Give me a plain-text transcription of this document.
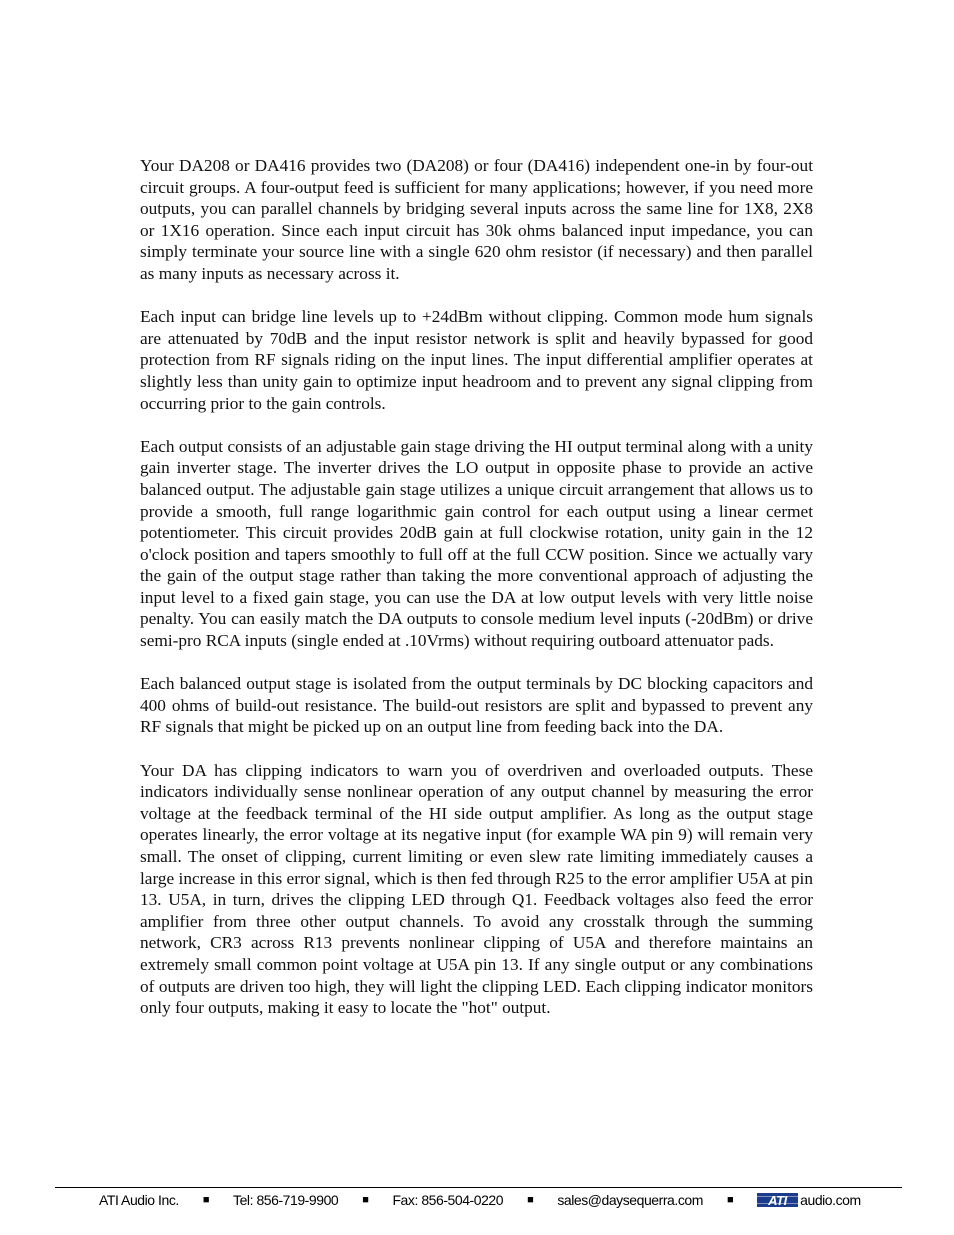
Your DA208 or DA416 provides two (DA208) or four (DA416) independent one-in by four-out circuit groups. A four-output feed is sufficient for many applications; however, if you need more outputs, you can parallel channels by bridging several inputs across the same line for 1X8, 2X8 or 1X16 operation. Since each input circuit has 30k ohms balanced input impedance, you can simply terminate your source line with a single 620 ohm resistor (if necessary) and then parallel as many inputs as necessary across it.

Each input can bridge line levels up to +24dBm without clipping. Common mode hum signals are attenuated by 70dB and the input resistor network is split and heavily bypassed for good protection from RF signals riding on the input lines. The input differential amplifier operates at slightly less than unity gain to optimize input headroom and to prevent any signal clipping from occurring prior to the gain controls.

Each output consists of an adjustable gain stage driving the HI output terminal along with a unity gain inverter stage. The inverter drives the LO output in opposite phase to provide an active balanced output. The adjustable gain stage utilizes a unique circuit arrangement that allows us to provide a smooth, full range logarithmic gain control for each output using a linear cermet potentiometer. This circuit provides 20dB gain at full clockwise rotation, unity gain in the 12 o'clock position and tapers smoothly to full off at the full CCW position. Since we actually vary the gain of the output stage rather than taking the more conventional approach of adjusting the input level to a fixed gain stage, you can use the DA at low output levels with very little noise penalty. You can easily match the DA outputs to console medium level inputs (-20dBm) or drive semi-pro RCA inputs (single ended at .10Vrms) without requiring outboard attenuator pads.

Each balanced output stage is isolated from the output terminals by DC blocking capacitors and 400 ohms of build-out resistance. The build-out resistors are split and bypassed to prevent any RF signals that might be picked up on an output line from feeding back into the DA.

Your DA has clipping indicators to warn you of overdriven and overloaded outputs. These indicators individually sense nonlinear operation of any output channel by measuring the error voltage at the feedback terminal of the HI side output amplifier. As long as the output stage operates linearly, the error voltage at its negative input (for example WA pin 9) will remain very small. The onset of clipping, current limiting or even slew rate limiting immediately causes a large increase in this error signal, which is then fed through R25 to the error amplifier U5A at pin 13. U5A, in turn, drives the clipping LED through Q1. Feedback voltages also feed the error amplifier from three other output channels. To avoid any crosstalk through the summing network, CR3 across R13 prevents nonlinear clipping of U5A and therefore maintains an extremely small common point voltage at U5A pin 13. If any single output or any combinations of outputs are driven too high, they will light the clipping LED. Each clipping indicator monitors only four outputs, making it easy to locate the "hot" output.

ATI Audio Inc. ■ Tel: 856-719-9900 ■ Fax: 856-504-0220 ■ sales@daysequerra.com ■	ATI audio.com
